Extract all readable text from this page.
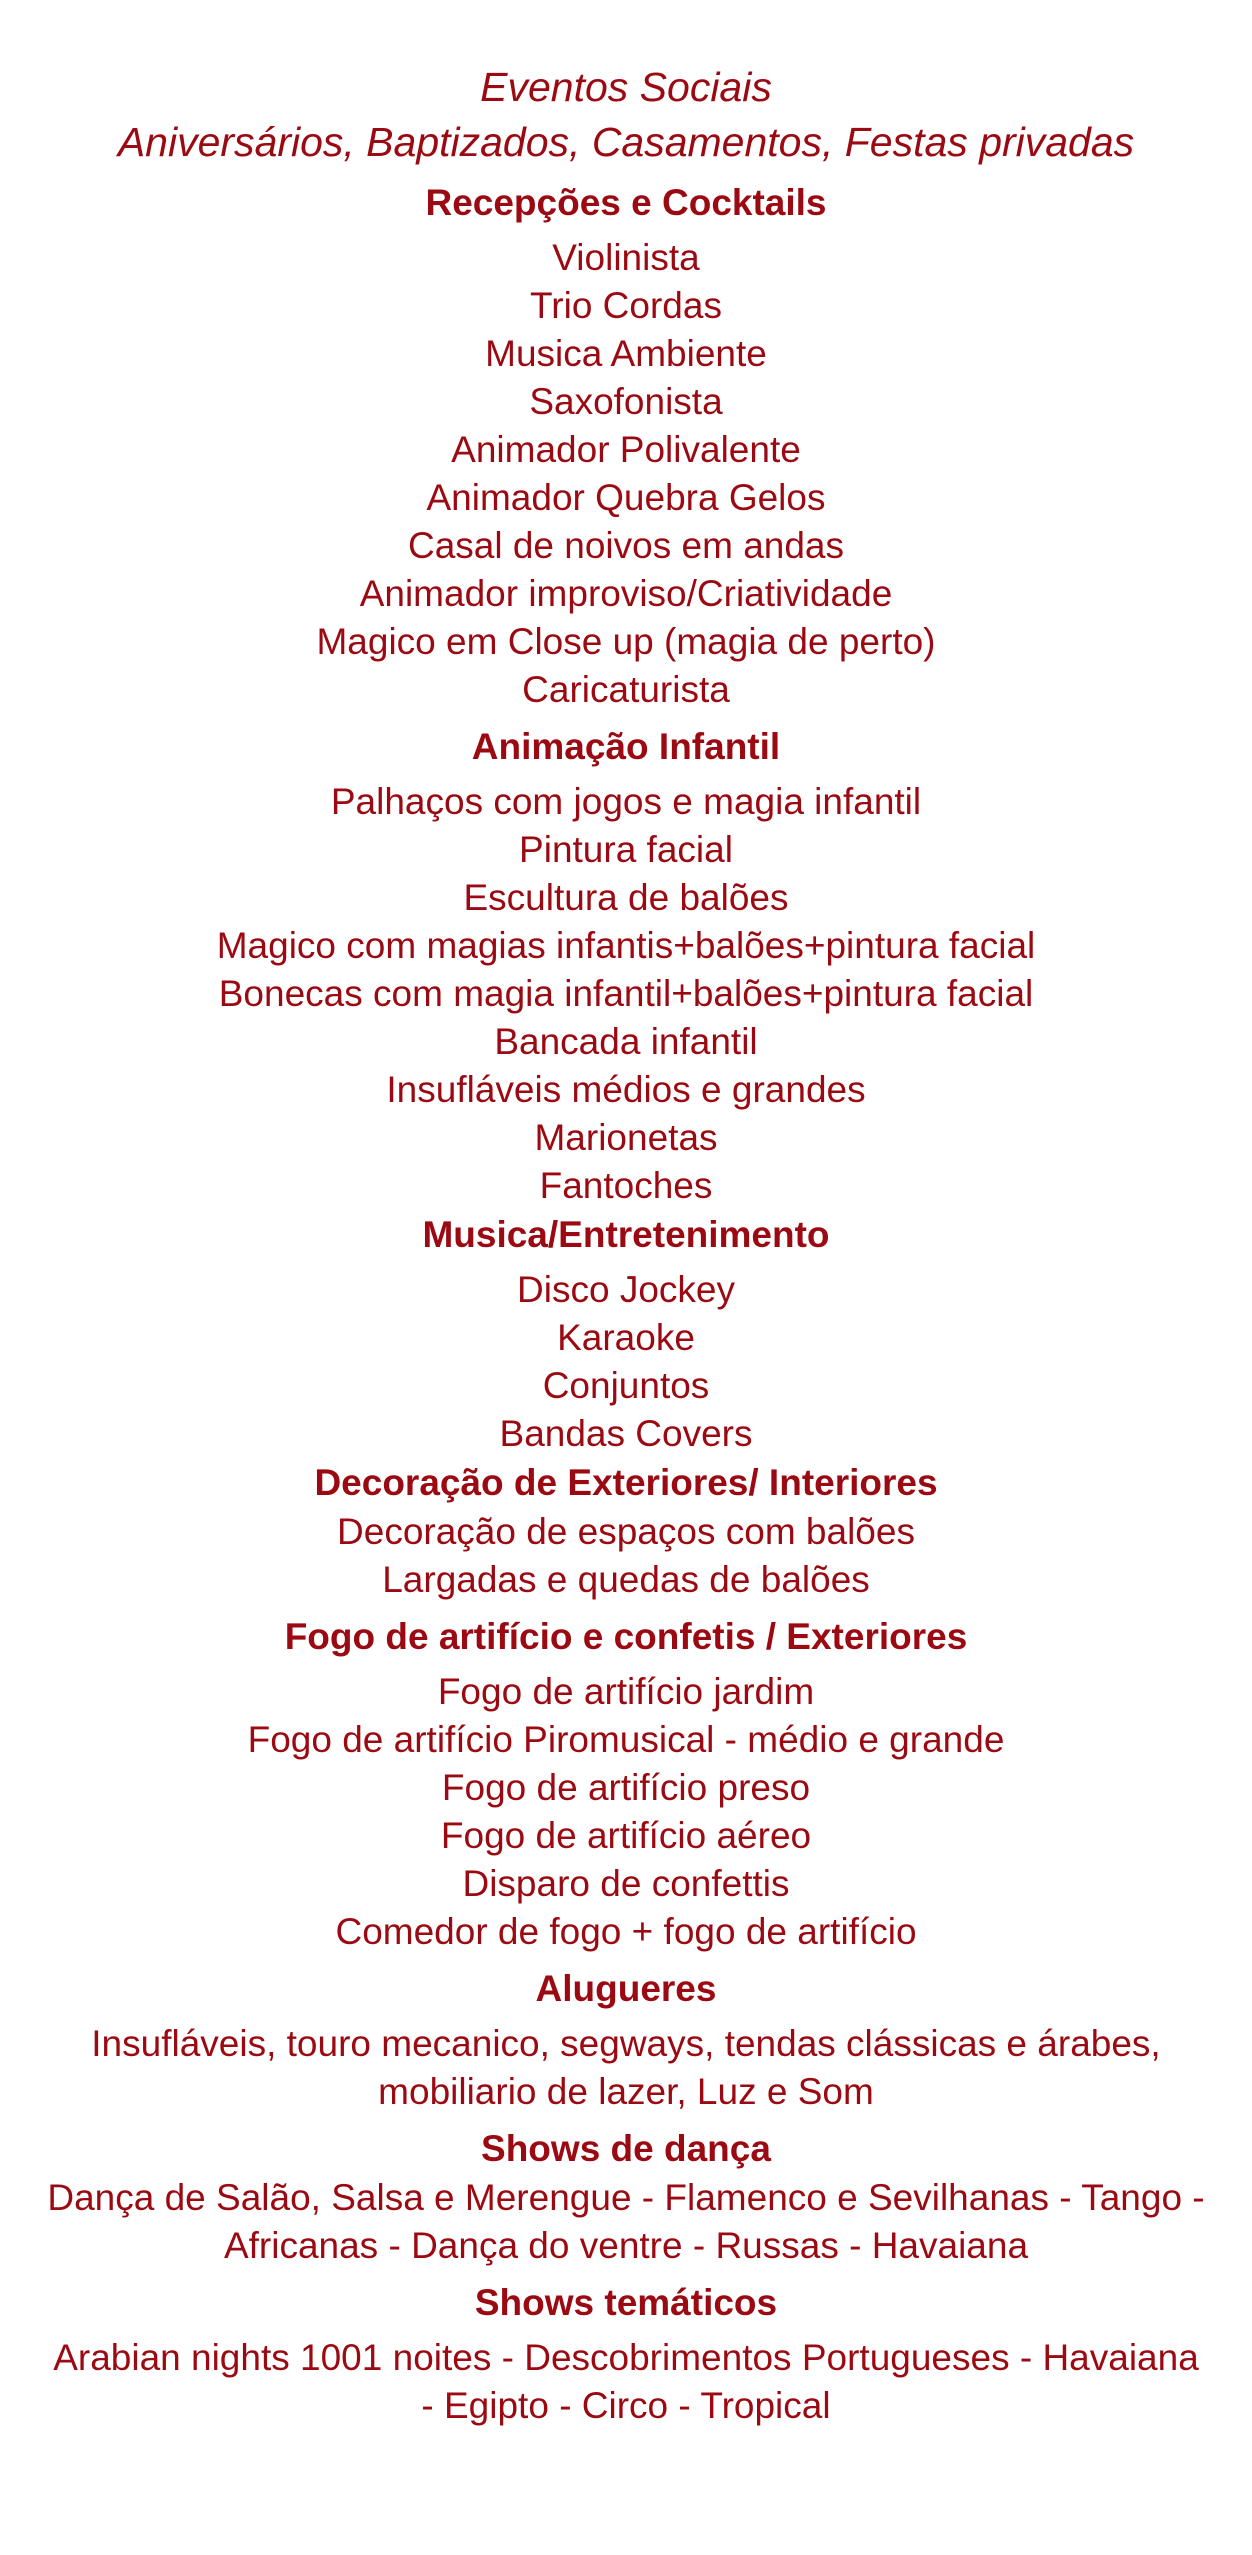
Eventos Sociais
Aniversários, Baptizados, Casamentos, Festas privadas

Recepções e Cocktails

Violinista

Trio Cordas

Musica Ambiente

Saxofonista

Animador Polivalente

Animador Quebra Gelos

Casal de noivos em andas

Animador improviso/Criatividade

Magico em Close up (magia de perto)

Caricaturista

Animação Infantil

Palhaços com jogos e magia infantil

Pintura facial

Escultura de balões

Magico com magias infantis+balões+pintura facial

Bonecas com magia infantil+balões+pintura facial

Bancada infantil

Insufláveis médios e grandes

Marionetas

Fantoches

Musica/Entretenimento

Disco Jockey

Karaoke

Conjuntos

Bandas Covers

Decoração de Exteriores/ Interiores

Decoração de espaços com balões

Largadas e quedas de balões

Fogo de artifício e confetis / Exteriores

Fogo de artifício jardim

Fogo de artifício Piromusical - médio e grande

Fogo de artifício preso

Fogo de artifício aéreo

Disparo de confettis

Comedor de fogo + fogo de artifício

Alugueres

Insufláveis, touro mecanico, segways, tendas clássicas e árabes, mobiliario de lazer, Luz e Som

Shows de dança

Dança de Salão, Salsa e Merengue - Flamenco e Sevilhanas - Tango - Africanas - Dança do ventre - Russas - Havaiana

Shows temáticos

Arabian nights 1001 noites - Descobrimentos Portugueses - Havaiana - Egipto - Circo - Tropical
